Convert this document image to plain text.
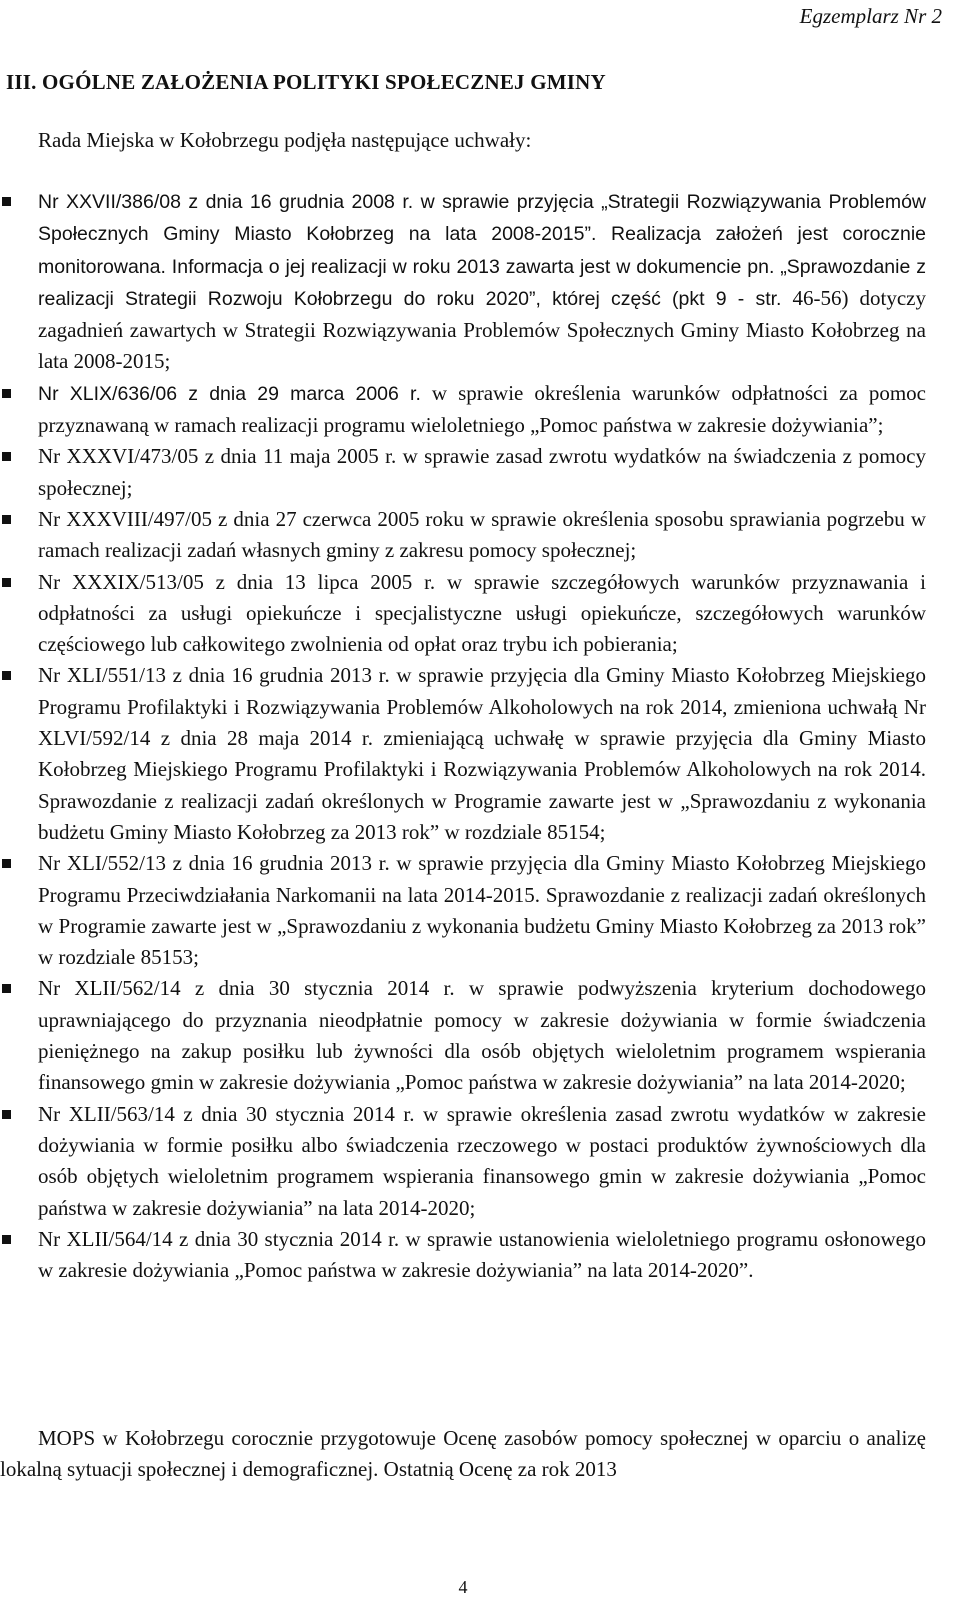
Egzemplarz Nr 2
III. OGÓLNE ZAŁOŻENIA POLITYKI SPOŁECZNEJ GMINY
Rada Miejska w Kołobrzegu podjęła następujące uchwały:
Nr XXVII/386/08 z dnia 16 grudnia 2008 r. w sprawie przyjęcia „Strategii Rozwiązywania Problemów Społecznych Gminy Miasto Kołobrzeg na lata 2008-2015”. Realizacja założeń jest corocznie monitorowana. Informacja o jej realizacji w roku 2013 zawarta jest w dokumencie pn. „Sprawozdanie z realizacji Strategii Rozwoju Kołobrzegu do roku 2020”, której część (pkt 9 - str. 46-56) dotyczy zagadnień zawartych w Strategii Rozwiązywania Problemów Społecznych Gminy Miasto Kołobrzeg na lata 2008-2015;
Nr XLIX/636/06 z dnia 29 marca 2006 r. w sprawie określenia warunków odpłatności za pomoc przyznawaną w ramach realizacji programu wieloletniego „Pomoc państwa w zakresie dożywiania”;
Nr XXXVI/473/05 z dnia 11 maja 2005 r. w sprawie zasad zwrotu wydatków na świadczenia z pomocy społecznej;
Nr XXXVIII/497/05 z dnia 27 czerwca 2005 roku w sprawie określenia sposobu sprawiania pogrzebu w ramach realizacji zadań własnych gminy z zakresu pomocy społecznej;
Nr XXXIX/513/05 z dnia 13 lipca 2005 r. w sprawie szczegółowych warunków przyznawania i odpłatności za usługi opiekuńcze i specjalistyczne usługi opiekuńcze, szczegółowych warunków częściowego lub całkowitego zwolnienia od opłat oraz trybu ich pobierania;
Nr XLI/551/13 z dnia 16 grudnia 2013 r. w sprawie przyjęcia dla Gminy Miasto Kołobrzeg Miejskiego Programu Profilaktyki i Rozwiązywania Problemów Alkoholowych na rok 2014, zmieniona uchwałą Nr XLVI/592/14 z dnia 28 maja 2014 r. zmieniającą uchwałę w sprawie przyjęcia dla Gminy Miasto Kołobrzeg Miejskiego Programu Profilaktyki i Rozwiązywania Problemów Alkoholowych na rok 2014. Sprawozdanie z realizacji zadań określonych w Programie zawarte jest w „Sprawozdaniu z wykonania budżetu Gminy Miasto Kołobrzeg za 2013 rok” w rozdziale 85154;
Nr XLI/552/13 z dnia 16 grudnia 2013 r. w sprawie przyjęcia dla Gminy Miasto Kołobrzeg Miejskiego Programu Przeciwdziałania Narkomanii na lata 2014-2015. Sprawozdanie z realizacji zadań określonych w Programie zawarte jest w „Sprawozdaniu z wykonania budżetu Gminy Miasto Kołobrzeg za 2013 rok” w rozdziale 85153;
Nr XLII/562/14 z dnia 30 stycznia 2014 r. w sprawie podwyższenia kryterium dochodowego uprawniającego do przyznania nieodpłatnie pomocy w zakresie dożywiania w formie świadczenia pieniężnego na zakup posiłku lub żywności dla osób objętych wieloletnim programem wspierania finansowego gmin w zakresie dożywiania „Pomoc państwa w zakresie dożywiania” na lata 2014-2020;
Nr XLII/563/14 z dnia 30 stycznia 2014 r. w sprawie określenia zasad zwrotu wydatków w zakresie dożywiania w formie posiłku albo świadczenia rzeczowego w postaci produktów żywnościowych dla osób objętych wieloletnim programem wspierania finansowego gmin w zakresie dożywiania „Pomoc państwa w zakresie dożywiania” na lata 2014-2020;
Nr XLII/564/14 z dnia 30 stycznia 2014 r. w sprawie ustanowienia wieloletniego programu osłonowego w zakresie dożywiania „Pomoc państwa w zakresie dożywiania” na lata 2014-2020”.

MOPS w Kołobrzegu corocznie przygotowuje Ocenę zasobów pomocy społecznej w oparciu o analizę lokalną sytuacji społecznej i demograficznej. Ostatnią Ocenę za rok 2013

4
